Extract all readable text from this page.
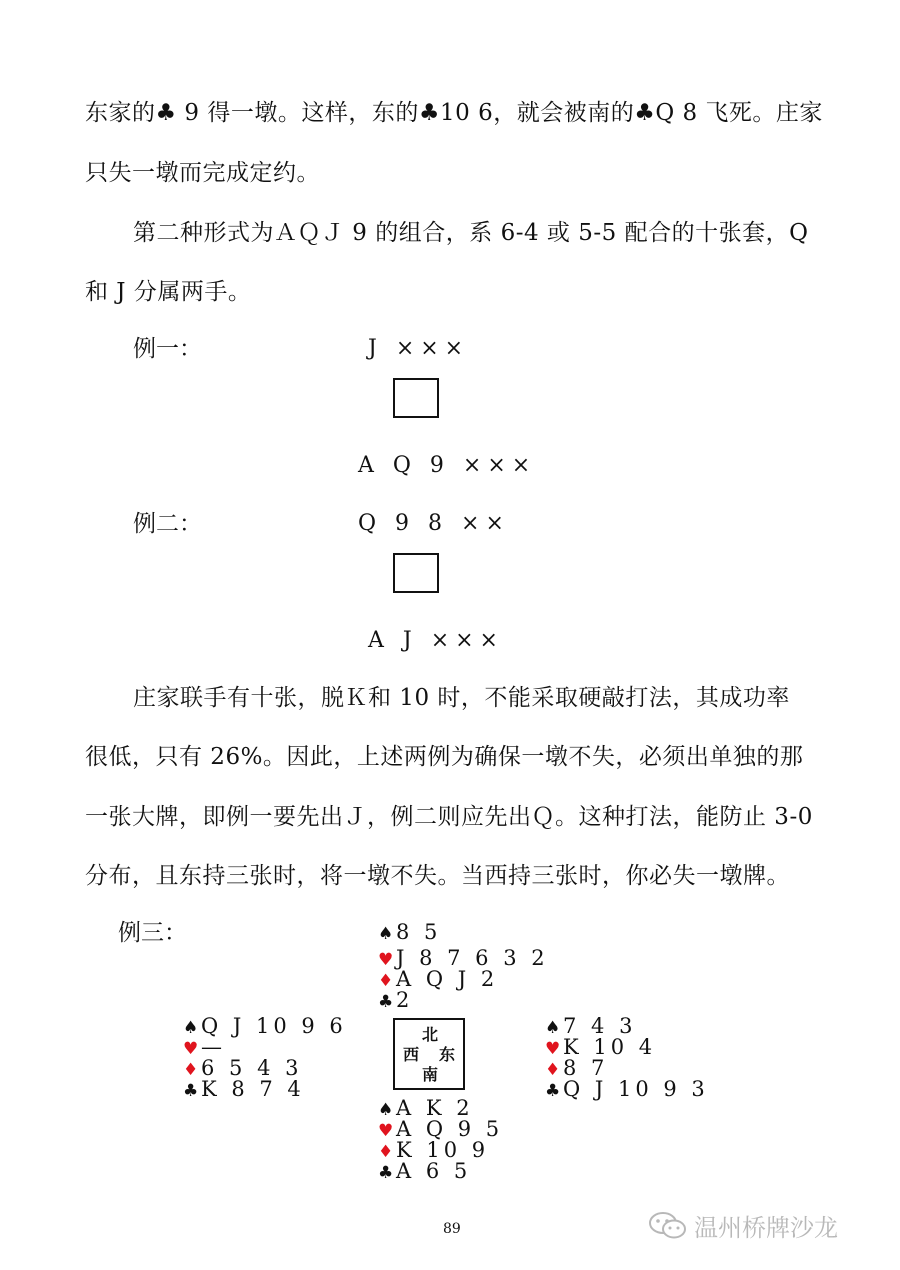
东家的♣ 9 得一墩。这样，东的♣10 6，就会被南的♣Q 8 飞死。庄家
只失一墩而完成定约。
第二种形式为ＡＱＪ 9 的组合，系 6-4 或 5-5 配合的十张套，Q
和 J 分属两手。
例一：	J ×××
A Q 9 ×××
例二：	Q 9 8 ××
A J ×××
庄家联手有十张，脱Ｋ和 10 时，不能采取硬敲打法，其成功率
很低，只有 26%。因此，上述两例为确保一墩不失，必须出单独的那
一张大牌，即例一要先出Ｊ，例二则应先出Ｑ。这种打法，能防止 3-0
分布，且东持三张时，将一墩不失。当西持三张时，你必失一墩牌。
例三：	♠ 8 5
♥ J 8 7 6 3 2
♦ A Q J 2
♣ 2
♠ Q J 10 9 6
♥ —
♦ 6 5 4 3
♣ K 8 7 4
北
西 东
南
♠ 7 4 3
♥ K 10 4
♦ 8 7
♣ Q J 10 9 3
♠ A K 2
♥ A Q 9 5
♦ K 10 9
♣ A 6 5
89	温州桥牌沙龙
